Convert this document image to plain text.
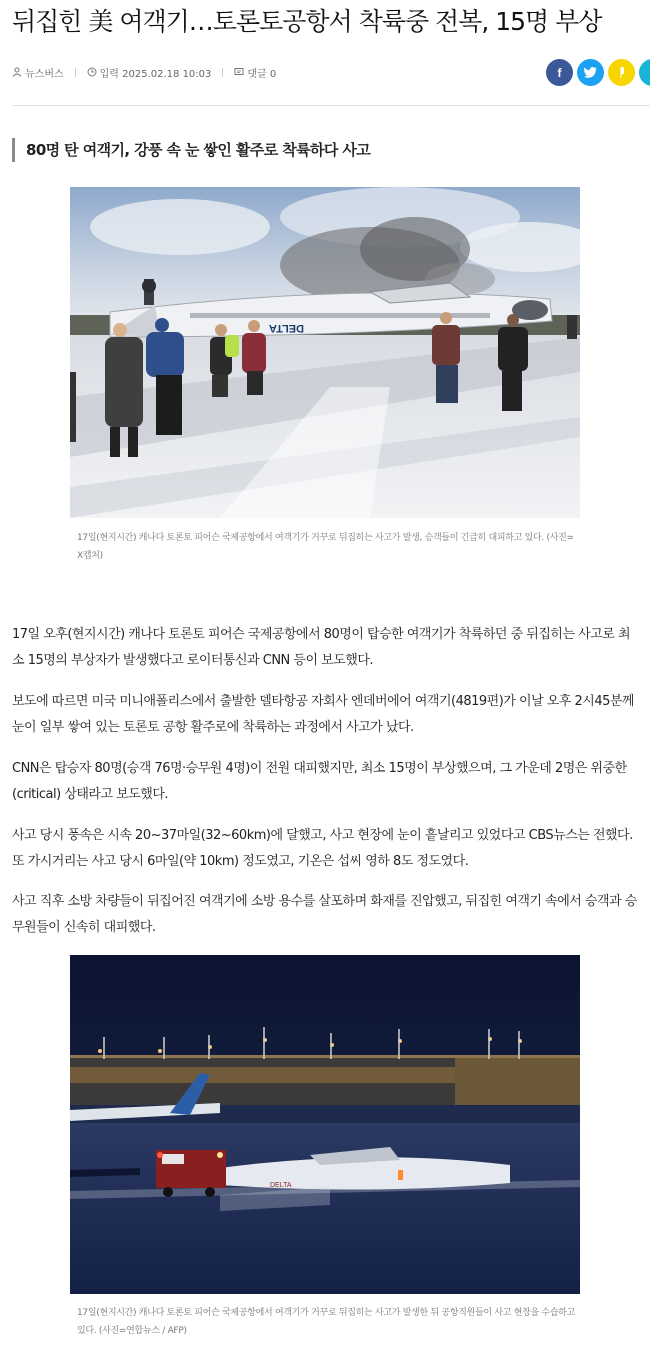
뒤집힌 美 여객기…토론토공항서 착륙중 전복, 15명 부상
뉴스버스	입력 2025.02.18 10:03	댓글 0	f
80명 탄 여객기, 강풍 속 눈 쌓인 활주로 착륙하다 사고
DELTA
17일(현지시간) 캐나다 토론토 피어슨 국제공항에서 여객기가 거꾸로 뒤집히는 사고가 발생, 승객들이 긴급히 대피하고 있다. (사진= X캡처)

17일 오후(현지시간) 캐나다 토론토 피어슨 국제공항에서 80명이 탑승한 여객기가 착륙하던 중 뒤집히는 사고로 최소 15명의 부상자가 발생했다고 로이터통신과 CNN 등이 보도했다.

보도에 따르면 미국 미니애폴리스에서 출발한 델타항공 자회사 엔데버에어 여객기(4819편)가 이날 오후 2시45분께 눈이 일부 쌓여 있는 토론토 공항 활주로에 착륙하는 과정에서 사고가 났다.

CNN은 탑승자 80명(승객 76명·승무원 4명)이 전원 대피했지만, 최소 15명이 부상했으며, 그 가운데 2명은 위중한(critical) 상태라고 보도했다.

사고 당시 풍속은 시속 20~37마일(32~60km)에 달했고, 사고 현장에 눈이 흩날리고 있었다고 CBS뉴스는 전했다. 또 가시거리는 사고 당시 6마일(약 10km) 정도였고, 기온은 섭씨 영하 8도 정도였다.

사고 직후 소방 차량들이 뒤집어진 여객기에 소방 용수를 살포하며 화재를 진압했고, 뒤집힌 여객기 속에서 승객과 승무원들이 신속히 대피했다.

DELTA
17일(현지시간) 캐나다 토론토 피어슨 국제공항에서 여객기가 거꾸로 뒤집히는 사고가 발생한 뒤 공항직원들이 사고 현장을 수습하고 있다. (사진=연합뉴스 / AFP)
